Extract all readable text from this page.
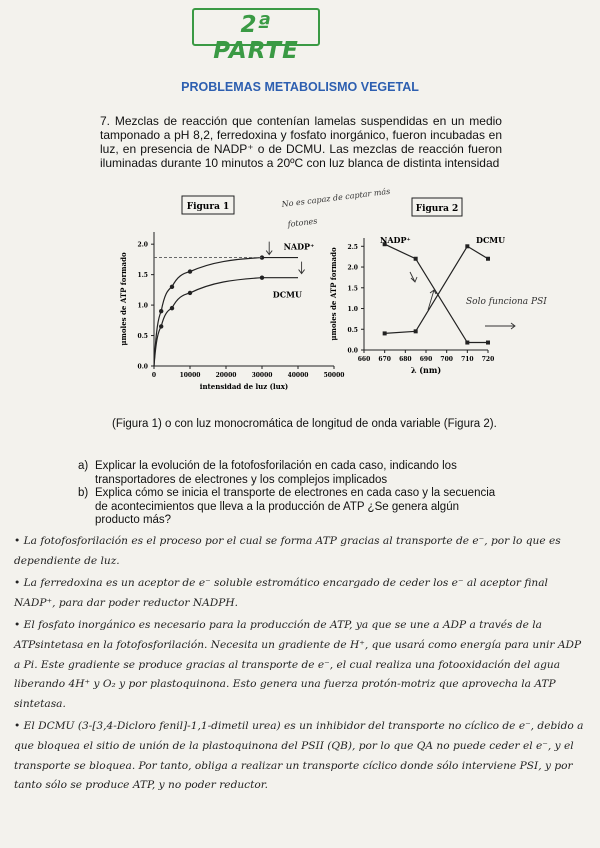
2ª PARTE
PROBLEMAS METABOLISMO VEGETAL
7. Mezclas de reacción que contenían lamelas suspendidas en un medio tamponado a pH 8,2, ferredoxina y fosfato inorgánico, fueron incubadas en luz, en presencia de NADP⁺ o de DCMU. Las mezclas de reacción fueron iluminadas durante 10 minutos a 20ºC con luz blanca de distinta intensidad
Figura 1	No es capaz de captar más
fotones
0.0
0.5
1.0
1.5
2.0
0	10000	20000	30000	40000	50000
intensidad de luz (lux)
μmoles de ATP formado
NADP⁺
DCMU
Figura 2
0.0
0.5
1.0
1.5
2.0
2.5
660 670 680 690 700 710 720
λ (nm)
μmoles de ATP formado
NADP⁺	DCMU
Solo funciona PSI
(Figura 1) o con luz monocromática de longitud de onda variable (Figura 2).
a) Explicar la evolución de la fotofosforilación en cada caso, indicando los transportadores de electrones y los complejos implicados
b) Explica cómo se inicia el transporte de electrones en cada caso y la secuencia de acontecimientos que lleva a la producción de ATP ¿Se genera algún producto más?

• La fotofosforilación es el proceso por el cual se forma ATP gracias al transporte de e⁻, por lo que es dependiente de luz.

• La ferredoxina es un aceptor de e⁻ soluble estromático encargado de ceder los e⁻ al aceptor final NADP⁺, para dar poder reductor NADPH.

• El fosfato inorgánico es necesario para la producción de ATP, ya que se une a ADP a través de la ATPsintetasa en la fotofosforilación. Necesita un gradiente de H⁺, que usará como energía para unir ADP a Pi. Este gradiente se produce gracias al transporte de e⁻, el cual realiza una fotooxidación del agua liberando 4H⁺ y O₂ y por plastoquinona. Esto genera una fuerza protón-motriz que aprovecha la ATP sintetasa.

• El DCMU (3-[3,4-Dicloro fenil]-1,1-dimetil urea) es un inhibidor del transporte no cíclico de e⁻, debido a que bloquea el sitio de unión de la plastoquinona del PSII (QB), por lo que QA no puede ceder el e⁻, y el transporte se bloquea. Por tanto, obliga a realizar un transporte cíclico donde sólo interviene PSI, y por tanto sólo se produce ATP, y no poder reductor.
